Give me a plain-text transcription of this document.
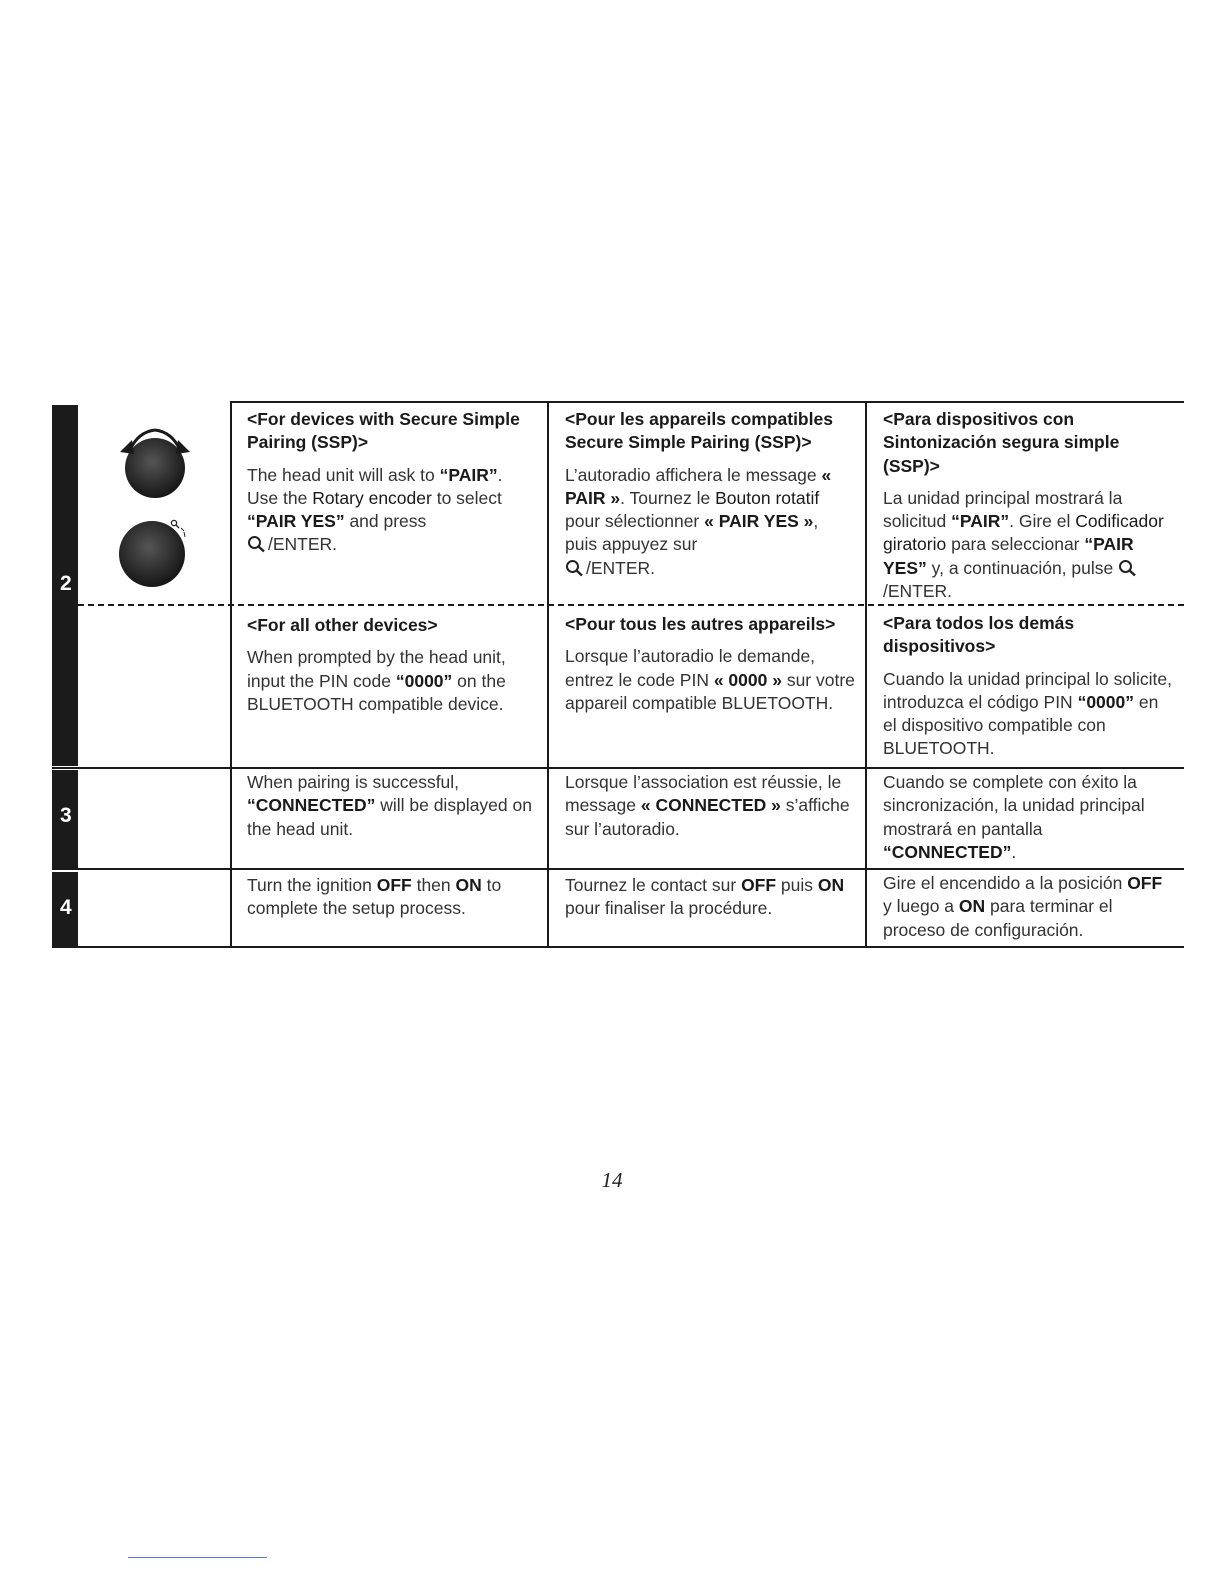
2
3
4
<For devices with Secure Simple Pairing (SSP)>

The head unit will ask to “PAIR”. Use the Rotary encoder to select “PAIR YES” and press
/ENTER.

<Pour les appareils compatibles Secure Simple Pairing (SSP)>

L’autoradio affichera le message « PAIR ». Tournez le Bouton rotatif pour sélectionner « PAIR YES », puis appuyez sur
/ENTER.

<Para dispositivos con Sintonización segura simple (SSP)>

La unidad principal mostrará la solicitud “PAIR”. Gire el Codificador giratorio para seleccionar “PAIR YES” y, a continuación, pulse /ENTER.

<For all other devices>

When prompted by the head unit, input the PIN code “0000” on the BLUETOOTH compatible device.

<Pour tous les autres appareils>

Lorsque l’autoradio le demande, entrez le code PIN « 0000 » sur votre appareil compatible BLUETOOTH.

<Para todos los demás dispositivos>

Cuando la unidad principal lo solicite, introduzca el código PIN “0000” en el dispositivo compatible con BLUETOOTH.

When pairing is successful, “CONNECTED” will be displayed on the head unit.

Lorsque l’association est réussie, le message « CONNECTED » s’affiche sur l’autoradio.

Cuando se complete con éxito la sincronización, la unidad principal mostrará en pantalla “CONNECTED”.

Turn the ignition OFF then ON to complete the setup process.

Tournez le contact sur OFF puis ON pour finaliser la procédure.

Gire el encendido a la posición OFF y luego a ON para terminar el proceso de configuración.

14
